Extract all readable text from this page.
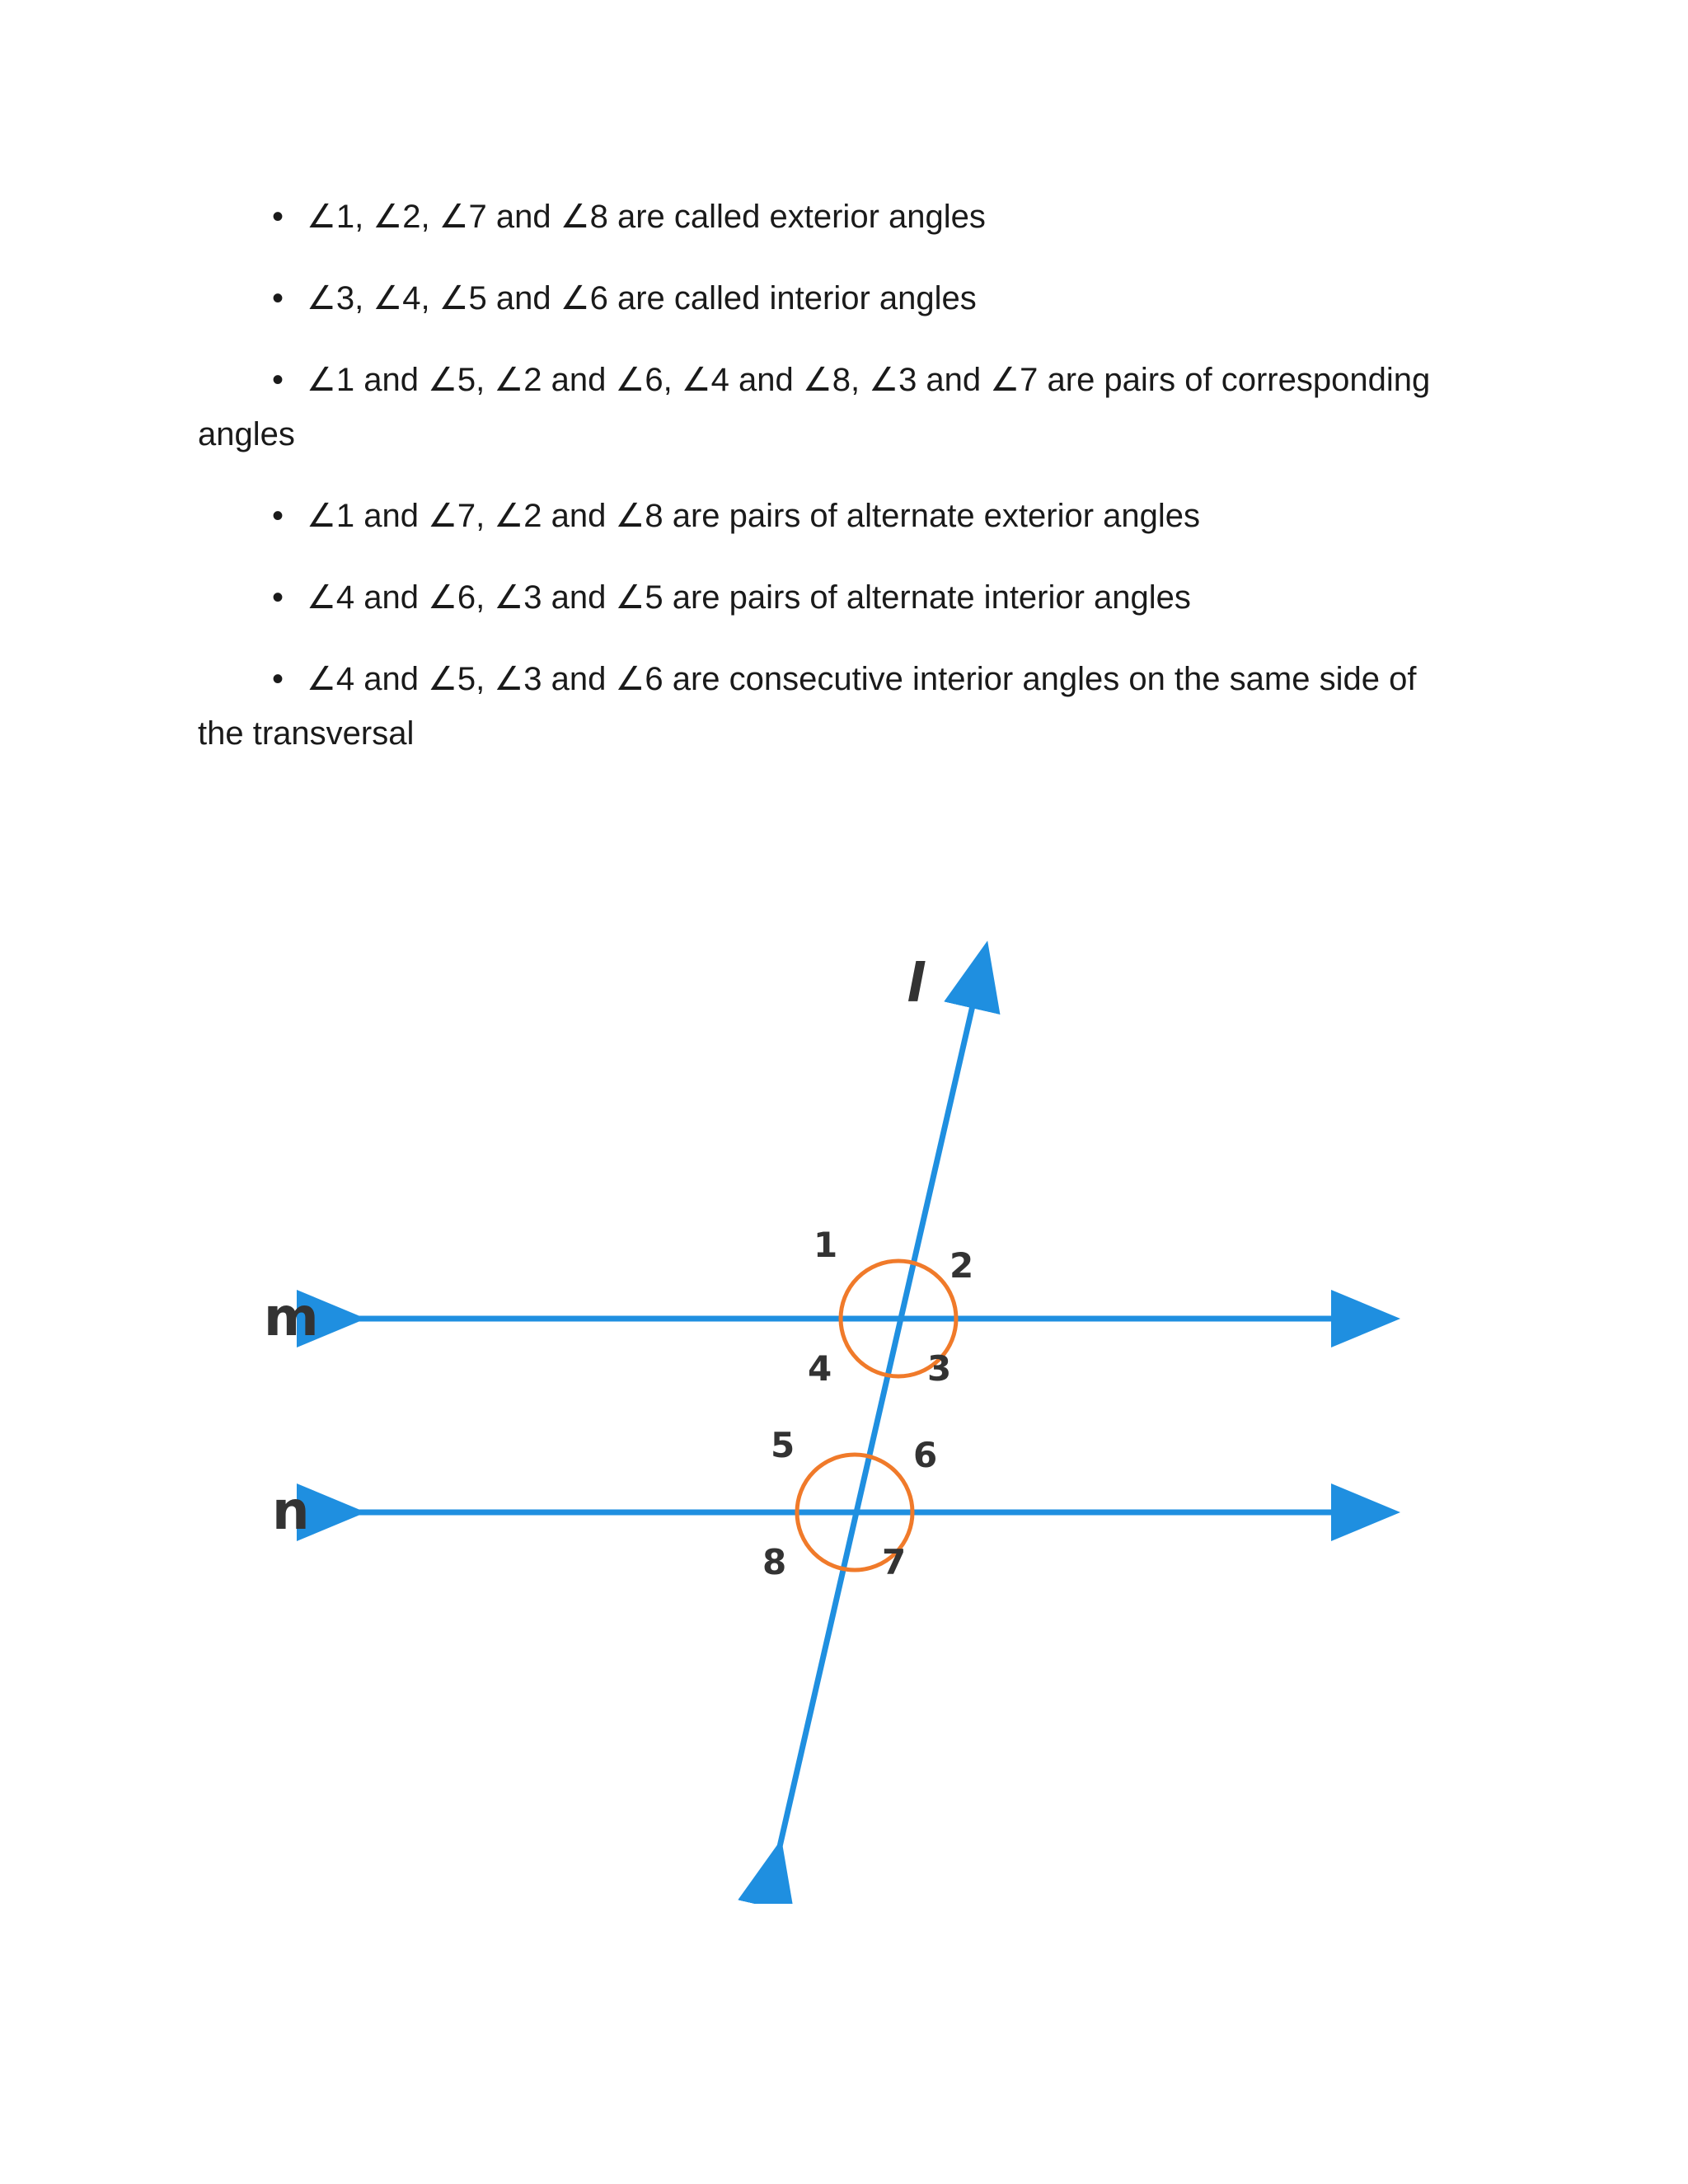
• ∠1, ∠2, ∠7 and ∠8 are called exterior angles
• ∠3, ∠4, ∠5 and ∠6 are called interior angles
• ∠1 and ∠5, ∠2 and ∠6, ∠4 and ∠8, ∠3 and ∠7 are pairs of corresponding
angles
• ∠1 and ∠7, ∠2 and ∠8 are pairs of alternate exterior angles
• ∠4 and ∠6, ∠3 and ∠5 are pairs of alternate interior angles
• ∠4 and ∠5, ∠3 and ∠6 are consecutive interior angles on the same side of
the transversal
l
m
n
1
2
3
4
5	6
7
8
